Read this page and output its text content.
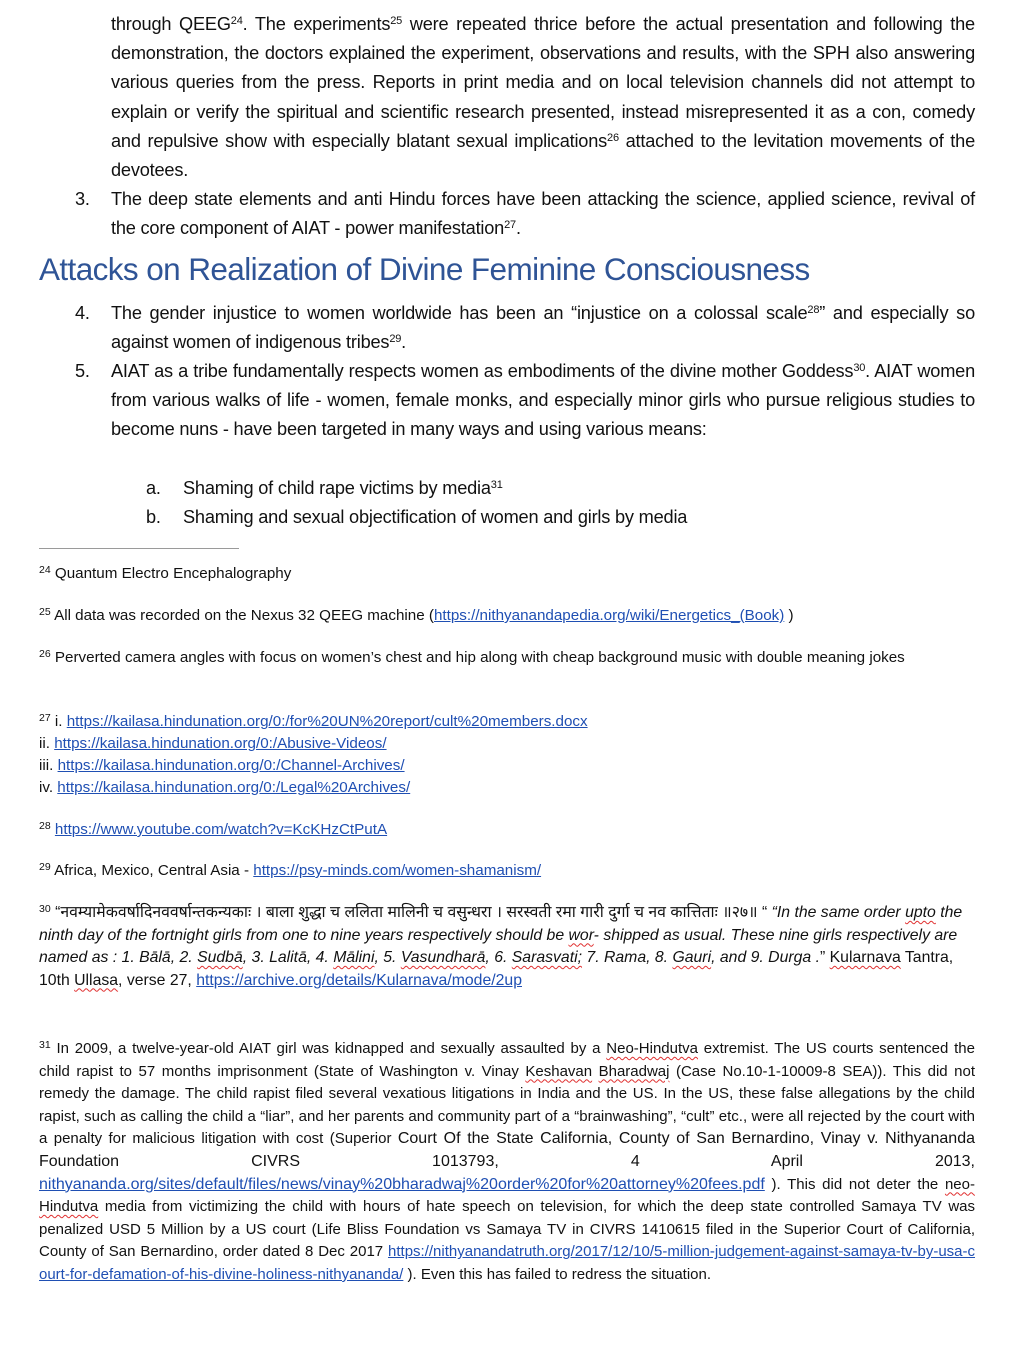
through QEEG$^{24}$. The experiments$^{25}$ were repeated thrice before the actual presentation and following the demonstration, the doctors explained the experiment, observations and results, with the SPH also answering various queries from the press. Reports in print media and on local television channels did not attempt to explain or verify the spiritual and scientific research presented, instead misrepresented it as a con, comedy and repulsive show with especially blatant sexual implications$^{26}$ attached to the levitation movements of the devotees.
3.	The deep state elements and anti Hindu forces have been attacking the science, applied science, revival of the core component of AIAT - power manifestation$^{27}$.
Attacks on Realization of Divine Feminine Consciousness
4.	The gender injustice to women worldwide has been an “injustice on a colossal scale$^{28}$” and especially so against women of indigenous tribes$^{29}$.
5.	AIAT as a tribe fundamentally respects women as embodiments of the divine mother Goddess$^{30}$. AIAT women from various walks of life - women, female monks, and especially minor girls who pursue religious studies to become nuns - have been targeted in many ways and using various means:
a.	Shaming of child rape victims by media$^{31}$
b.	Shaming and sexual objectification of women and girls by media
$^{24}$ Quantum Electro Encephalography
$^{25}$ All data was recorded on the Nexus 32 QEEG machine (https://nithyanandapedia.org/wiki/Energetics_(Book) )
$^{26}$ Perverted camera angles with focus on women’s chest and hip along with cheap background music with double meaning jokes
$^{27}$ i. https://kailasa.hindunation.org/0:/for%20UN%20report/cult%20members.docx
ii. https://kailasa.hindunation.org/0:/Abusive-Videos/
iii. https://kailasa.hindunation.org/0:/Channel-Archives/
iv. https://kailasa.hindunation.org/0:/Legal%20Archives/
$^{28}$ https://www.youtube.com/watch?v=KcKHzCtPutA
$^{29}$ Africa, Mexico, Central Asia - https://psy-minds.com/women-shamanism/
$^{30}$ “नवम्यामेकवर्षादिनववर्षान्तकन्यकाः । बाला शुद्धा च ललिता मालिनी च वसुन्धरा । सरस्वती रमा गारी दुर्गा च नव कात्तिताः ॥२७॥ “ “In the same order upto the ninth day of the fortnight girls from one to nine years respectively should be wor- shipped as usual. These nine girls respectively are named as : 1. Bālā, 2. Sudbā, 3. Lalitā, 4. Mālini, 5. Vasundharā, 6. Sarasvati; 7. Rama, 8. Gauri, and 9. Durga .” Kularnava Tantra, 10th Ullasa, verse 27, https://archive.org/details/Kularnava/mode/2up
$^{31}$ In 2009, a twelve-year-old AIAT girl was kidnapped and sexually assaulted by a Neo-Hindutva extremist. The US courts sentenced the child rapist to 57 months imprisonment (State of Washington v. Vinay Keshavan Bharadwaj (Case No.10-1-10009-8 SEA)). This did not remedy the damage. The child rapist filed several vexatious litigations in India and the US. In the US, these false allegations by the child rapist, such as calling the child a “liar”, and her parents and community part of a “brainwashing”, “cult” etc., were all rejected by the court with a penalty for malicious litigation with cost (Superior Court Of the State California, County of San Bernardino, Vinay v. Nithyananda Foundation CIVRS 1013793, 4 April 2013, nithyananda.org/sites/default/files/news/vinay%20bharadwaj%20order%20for%20attorney%20fees.pdf ). This did not deter the neo-Hindutva media from victimizing the child with hours of hate speech on television, for which the deep state controlled Samaya TV was penalized USD 5 Million by a US court (Life Bliss Foundation vs Samaya TV in CIVRS 1410615 filed in the Superior Court of California, County of San Bernardino, order dated 8 Dec 2017 https://nithyanandatruth.org/2017/12/10/5-million-judgement-against-samaya-tv-by-usa-court-for-defamation-of-his-divine-holiness-nithyananda/ ). Even this has failed to redress the situation.
